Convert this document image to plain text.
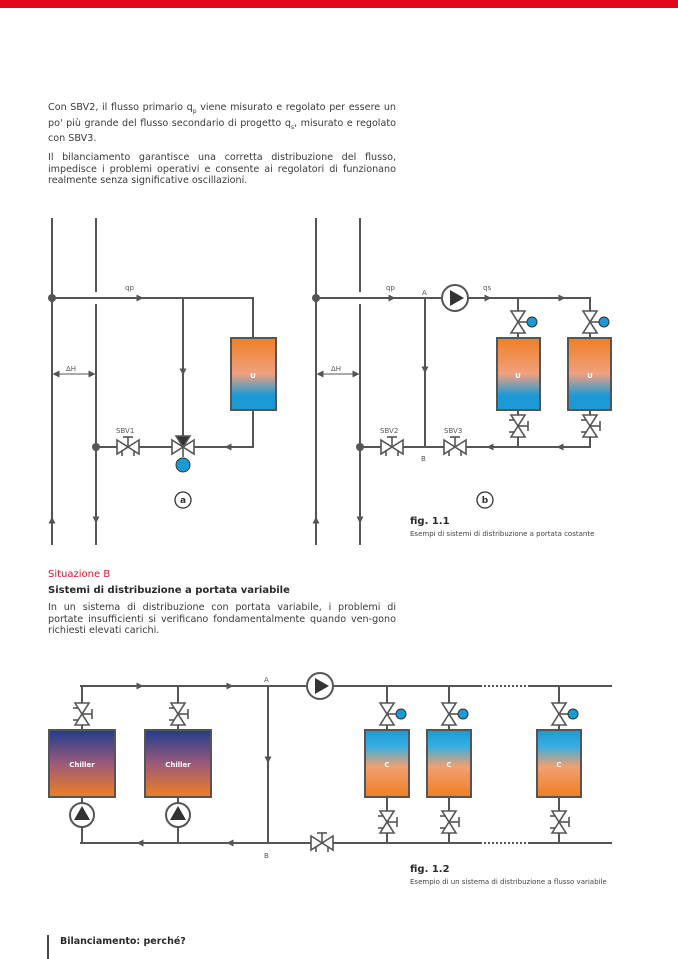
Con SBV2, il flusso primario $q_p$ viene misurato e regolato per essere un po' più grande del flusso secondario di progetto $q_s$, misurato e regolato con SBV3.

Il bilanciamento garantisce una corretta distribuzione del flusso, impedisce i problemi operativi e consente ai regolatori di funzionano realmente senza significative oscillazioni.

qp
ΔH
SBV1
U
a
qp	qs
A
B
ΔH
SBV2	SBV3
U	U
b
Chiller	Chiller	C	C	C
A
B
fig. 1.1
Esempi di sistemi di distribuzione a portata costante
Situazione B
Sistemi di distribuzione a portata variabile

In un sistema di distribuzione con portata variabile, i problemi di portate insufficienti si verificano fondamentalmente quando ven-gono richiesti elevati carichi.

fig. 1.2
Esempio di un sistema di distribuzione a flusso variabile
Bilanciamento: perché?
